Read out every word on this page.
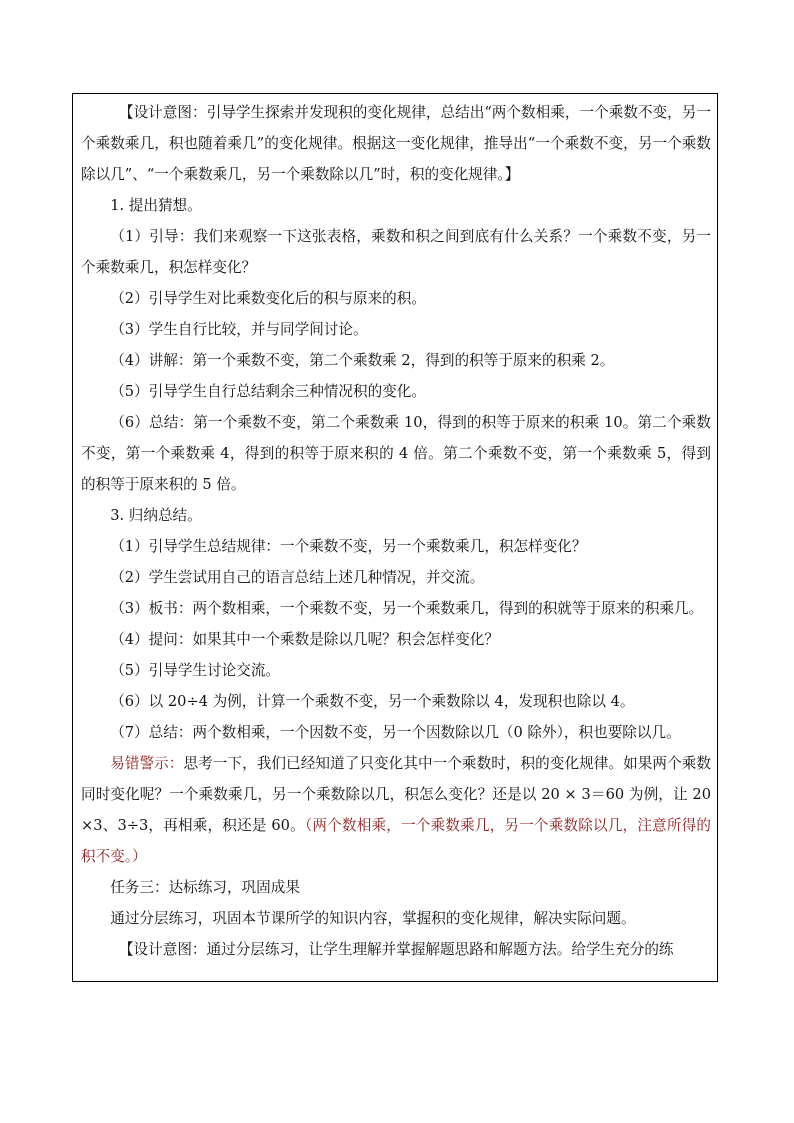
【设计意图：引导学生探索并发现积的变化规律，总结出“两个数相乘，一个乘数不变，另一个乘数乘几，积也随着乘几”的变化规律。根据这一变化规律，推导出“一个乘数不变，另一个乘数除以几”、“一个乘数乘几，另一个乘数除以几”时，积的变化规律。】

1. 提出猜想。

（1）引导：我们来观察一下这张表格，乘数和积之间到底有什么关系？一个乘数不变，另一个乘数乘几，积怎样变化？

（2）引导学生对比乘数变化后的积与原来的积。

（3）学生自行比较，并与同学间讨论。

（4）讲解：第一个乘数不变，第二个乘数乘 2，得到的积等于原来的积乘 2。

（5）引导学生自行总结剩余三种情况积的变化。

（6）总结：第一个乘数不变，第二个乘数乘 10，得到的积等于原来的积乘 10。第二个乘数不变，第一个乘数乘 4，得到的积等于原来积的 4 倍。第二个乘数不变，第一个乘数乘 5，得到的积等于原来积的 5 倍。

3. 归纳总结。

（1）引导学生总结规律：一个乘数不变，另一个乘数乘几，积怎样变化？

（2）学生尝试用自己的语言总结上述几种情况，并交流。

（3）板书：两个数相乘，一个乘数不变，另一个乘数乘几，得到的积就等于原来的积乘几。

（4）提问：如果其中一个乘数是除以几呢？积会怎样变化？

（5）引导学生讨论交流。

（6）以 20÷4 为例，计算一个乘数不变，另一个乘数除以 4，发现积也除以 4。

（7）总结：两个数相乘，一个因数不变，另一个因数除以几（0 除外），积也要除以几。

易错警示：思考一下，我们已经知道了只变化其中一个乘数时，积的变化规律。如果两个乘数同时变化呢？一个乘数乘几，另一个乘数除以几，积怎么变化？还是以 20 × 3＝60 为例，让 20×3、3÷3，再相乘，积还是 60。（两个数相乘，一个乘数乘几，另一个乘数除以几，注意所得的积不变。）

任务三：达标练习，巩固成果

通过分层练习，巩固本节课所学的知识内容，掌握积的变化规律，解决实际问题。

【设计意图：通过分层练习，让学生理解并掌握解题思路和解题方法。给学生充分的练
